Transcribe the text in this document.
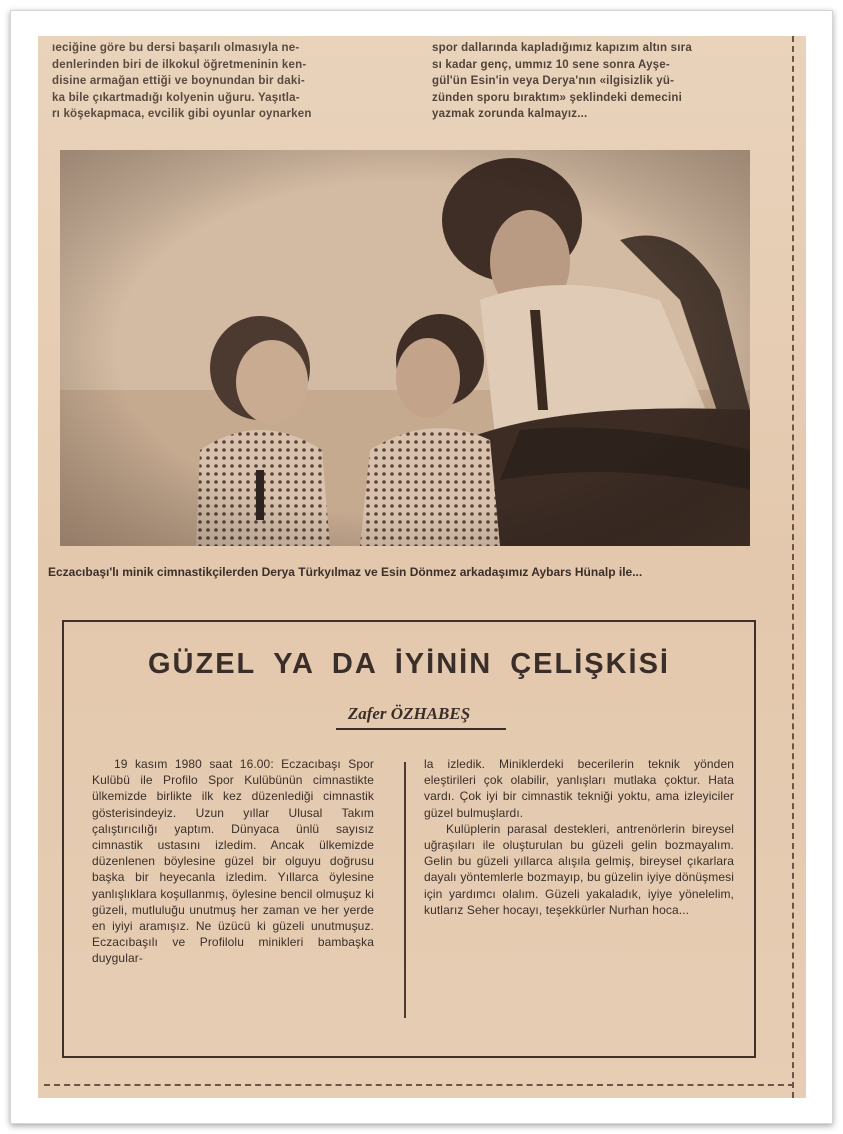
ıeciğine göre bu dersi başarılı olmasıyla ne-
denlerinden biri de ilkokul öğretmeninin ken-
disine armağan ettiği ve boynundan bir daki-
ka bile çıkartmadığı kolyenin uğuru. Yaşıtla-
rı köşekapmaca, evcilik gibi oyunlar oynarken
spor dallarında kapladığımız kapızım altın sıra
sı kadar genç, ummız 10 sene sonra Ayşe-
gül'ün Esin'in veya Derya'nın «ilgisizlik yü-
zünden sporu bıraktım» şeklindeki demecini
yazmak zorunda kalmayız...
Eczacıbaşı'lı minik cimnastikçilerden Derya Türkyılmaz ve Esin Dönmez arkadaşımız Aybars Hünalp ile...
GÜZEL YA DA İYİNİN ÇELİŞKİSİ
Zafer ÖZHABEŞ

19 kasım 1980 saat 16.00: Eczacıbaşı Spor Kulübü ile Profilo Spor Kulübünün cimnastikte ülkemizde birlikte ilk kez düzenlediği cimnastik gösterisindeyiz. Uzun yıllar Ulusal Takım çalıştırıcılığı yaptım. Dünyaca ünlü sayısız cimnastik ustasını izledim. Ancak ülkemizde düzenlenen böylesine güzel bir olguyu doğrusu başka bir heyecanla izledim. Yıllarca öylesine yanlışlıklara koşullanmış, öylesine bencil olmuşuz ki güzeli, mutluluğu unutmuş her zaman ve her yerde en iyiyi aramışız. Ne üzücü ki güzeli unutmuşuz. Eczacıbaşılı ve Profilolu minikleri bambaşka duygular-

la izledik. Miniklerdeki becerilerin teknik yönden eleştirileri çok olabilir, yanlışları mutlaka çoktur. Hata vardı. Çok iyi bir cimnastik tekniği yoktu, ama izleyiciler güzel bulmuşlardı.

Kulüplerin parasal destekleri, antrenörlerin bireysel uğraşıları ile oluşturulan bu güzeli gelin bozmayalım. Gelin bu güzeli yıllarca alışıla gelmiş, bireysel çıkarlara dayalı yöntemlerle bozmayıp, bu güzelin iyiye dönüşmesi için yardımcı olalım. Güzeli yakaladık, iyiye yönelelim, kutlarız Seher hocayı, teşekkürler Nurhan hoca...
